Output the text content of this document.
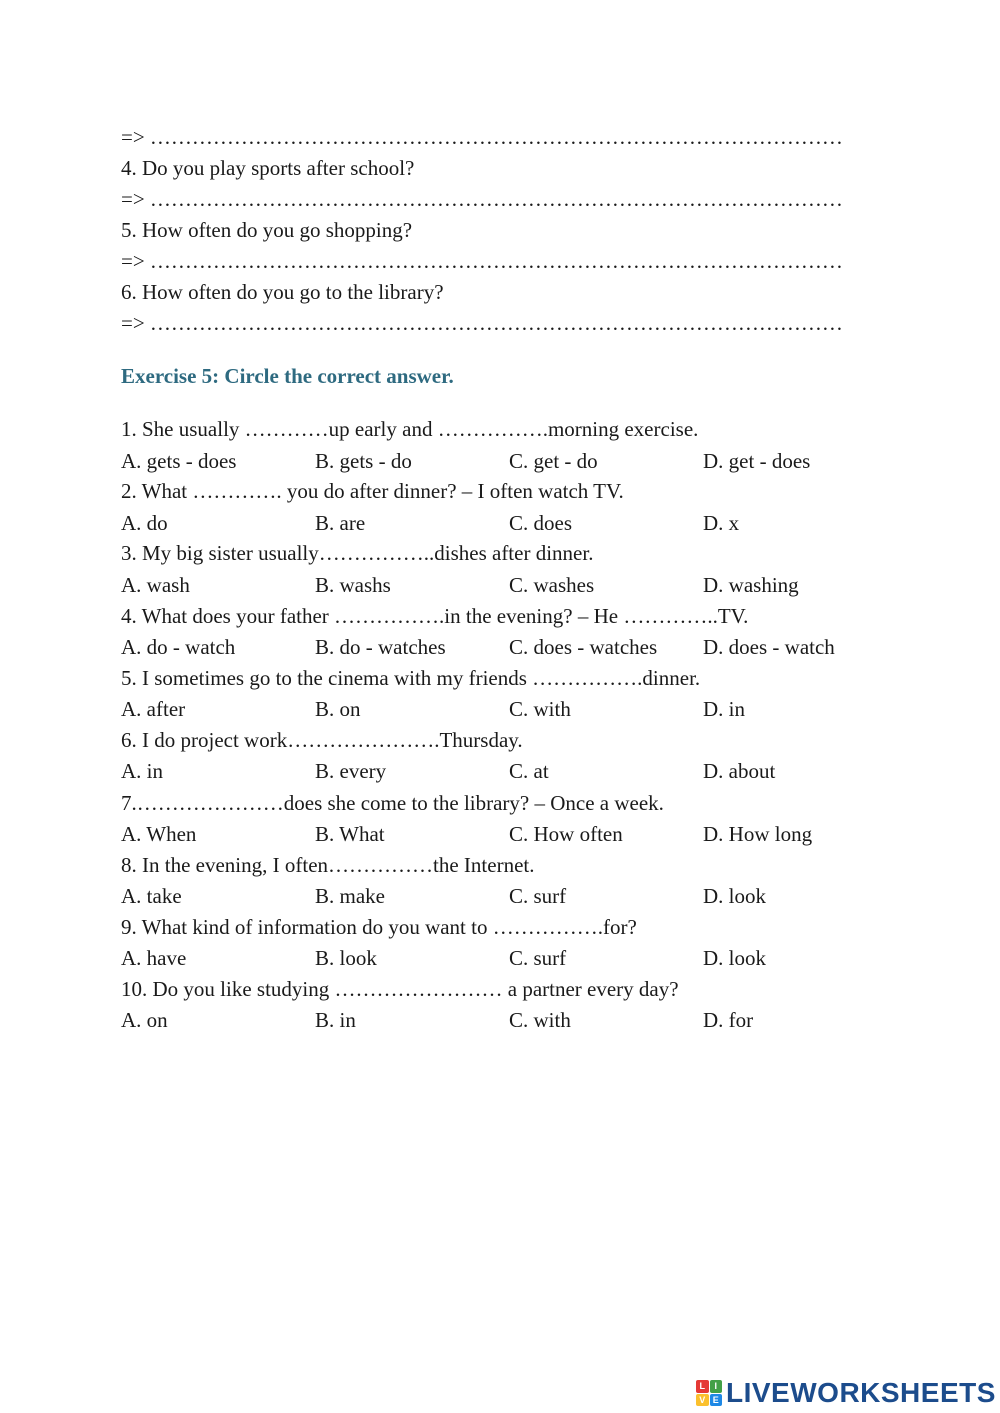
=> ………………………………………………………………………………………
4. Do you play sports after school?
=> ………………………………………………………………………………………
5. How often do you go shopping?
=> ………………………………………………………………………………………
6. How often do you go to the library?
=> ………………………………………………………………………………………
Exercise 5: Circle the correct answer.
1. She usually …………up early and …………….morning exercise.
A. gets - does	B. gets - do	C. get - do	D. get - does
2. What …………. you do after dinner? – I often watch TV.
A. do	B. are	C. does	D. x
3. My big sister usually……………..dishes after dinner.
A. wash	B. washs	C. washes	D. washing
4. What does your father …………….in the evening? – He …………..TV.
A. do - watch	B. do - watches	C. does - watches D. does - watch
5. I sometimes go to the cinema with my friends …………….dinner.
A. after	B. on	C. with	D. in
6. I do project work………………….Thursday.
A. in	B. every	C. at	D. about
7.…………………does she come to the library? – Once a week.
A. When	B. What	C. How often	D. How long
8. In the evening, I often……………the Internet.
A. take	B. make	C. surf	D. look
9. What kind of information do you want to …………….for?
A. have	B. look	C. surf	D. look
10. Do you like studying …………………… a partner every day?
A. on	B. in	C. with	D. for
L	I
V E LIVEWORKSHEETS
